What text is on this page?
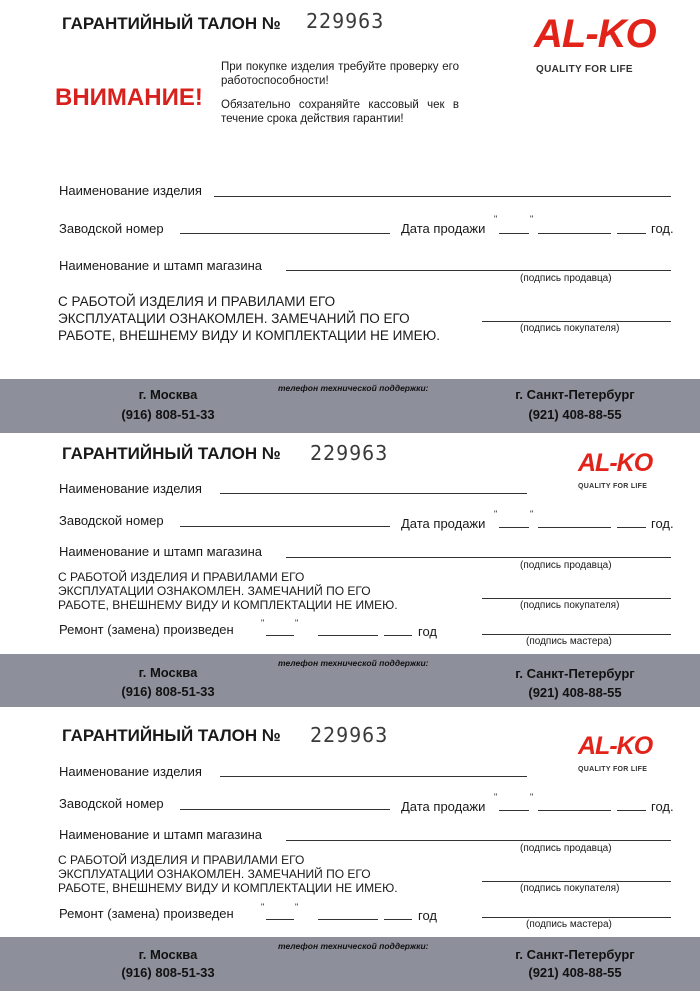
ГАРАНТИЙНЫЙ ТАЛОН № 229963	AL-KO
QUALITY FOR LIFE
ВНИМАНИЕ!
При покупке изделия требуйте проверку его работоспособности!
Обязательно сохраняйте кассовый чек в течение срока действия гарантии!
Наименование изделия
Заводской номер	Дата продажи
"	"
год.
Наименование и штамп магазина
(подпись продавца)
С РАБОТОЙ ИЗДЕЛИЯ И ПРАВИЛАМИ ЕГО
ЭКСПЛУАТАЦИИ ОЗНАКОМЛЕН. ЗАМЕЧАНИЙ ПО ЕГО
РАБОТЕ, ВНЕШНЕМУ ВИДУ И КОМПЛЕКТАЦИИ НЕ ИМЕЮ.	(подпись покупателя)
г. Москва
(916) 808-51-33
телефон технической поддержки:	г. Санкт-Петербург
(921) 408-88-55
ГАРАНТИЙНЫЙ ТАЛОН № 229963	AL-KO
QUALITY FOR LIFE
Наименование изделия
Заводской номер	Дата продажи
"	"
год.
Наименование и штамп магазина
(подпись продавца)
С РАБОТОЙ ИЗДЕЛИЯ И ПРАВИЛАМИ ЕГО
ЭКСПЛУАТАЦИИ ОЗНАКОМЛЕН. ЗАМЕЧАНИЙ ПО ЕГО
РАБОТЕ, ВНЕШНЕМУ ВИДУ И КОМПЛЕКТАЦИИ НЕ ИМЕЮ.	(подпись покупателя)
Ремонт (замена) произведен	"	"
год
(подпись мастера)
г. Москва
(916) 808-51-33
телефон технической поддержки:
г. Санкт-Петербург
(921) 408-88-55
ГАРАНТИЙНЫЙ ТАЛОН № 229963	AL-KO
QUALITY FOR LIFE
Наименование изделия
Заводской номер	Дата продажи
"	"
год.
Наименование и штамп магазина
(подпись продавца)
С РАБОТОЙ ИЗДЕЛИЯ И ПРАВИЛАМИ ЕГО
ЭКСПЛУАТАЦИИ ОЗНАКОМЛЕН. ЗАМЕЧАНИЙ ПО ЕГО
РАБОТЕ, ВНЕШНЕМУ ВИДУ И КОМПЛЕКТАЦИИ НЕ ИМЕЮ.	(подпись покупателя)
Ремонт (замена) произведен	"	"
год
(подпись мастера)
г. Москва
(916) 808-51-33
телефон технической поддержки:
г. Санкт-Петербург
(921) 408-88-55
